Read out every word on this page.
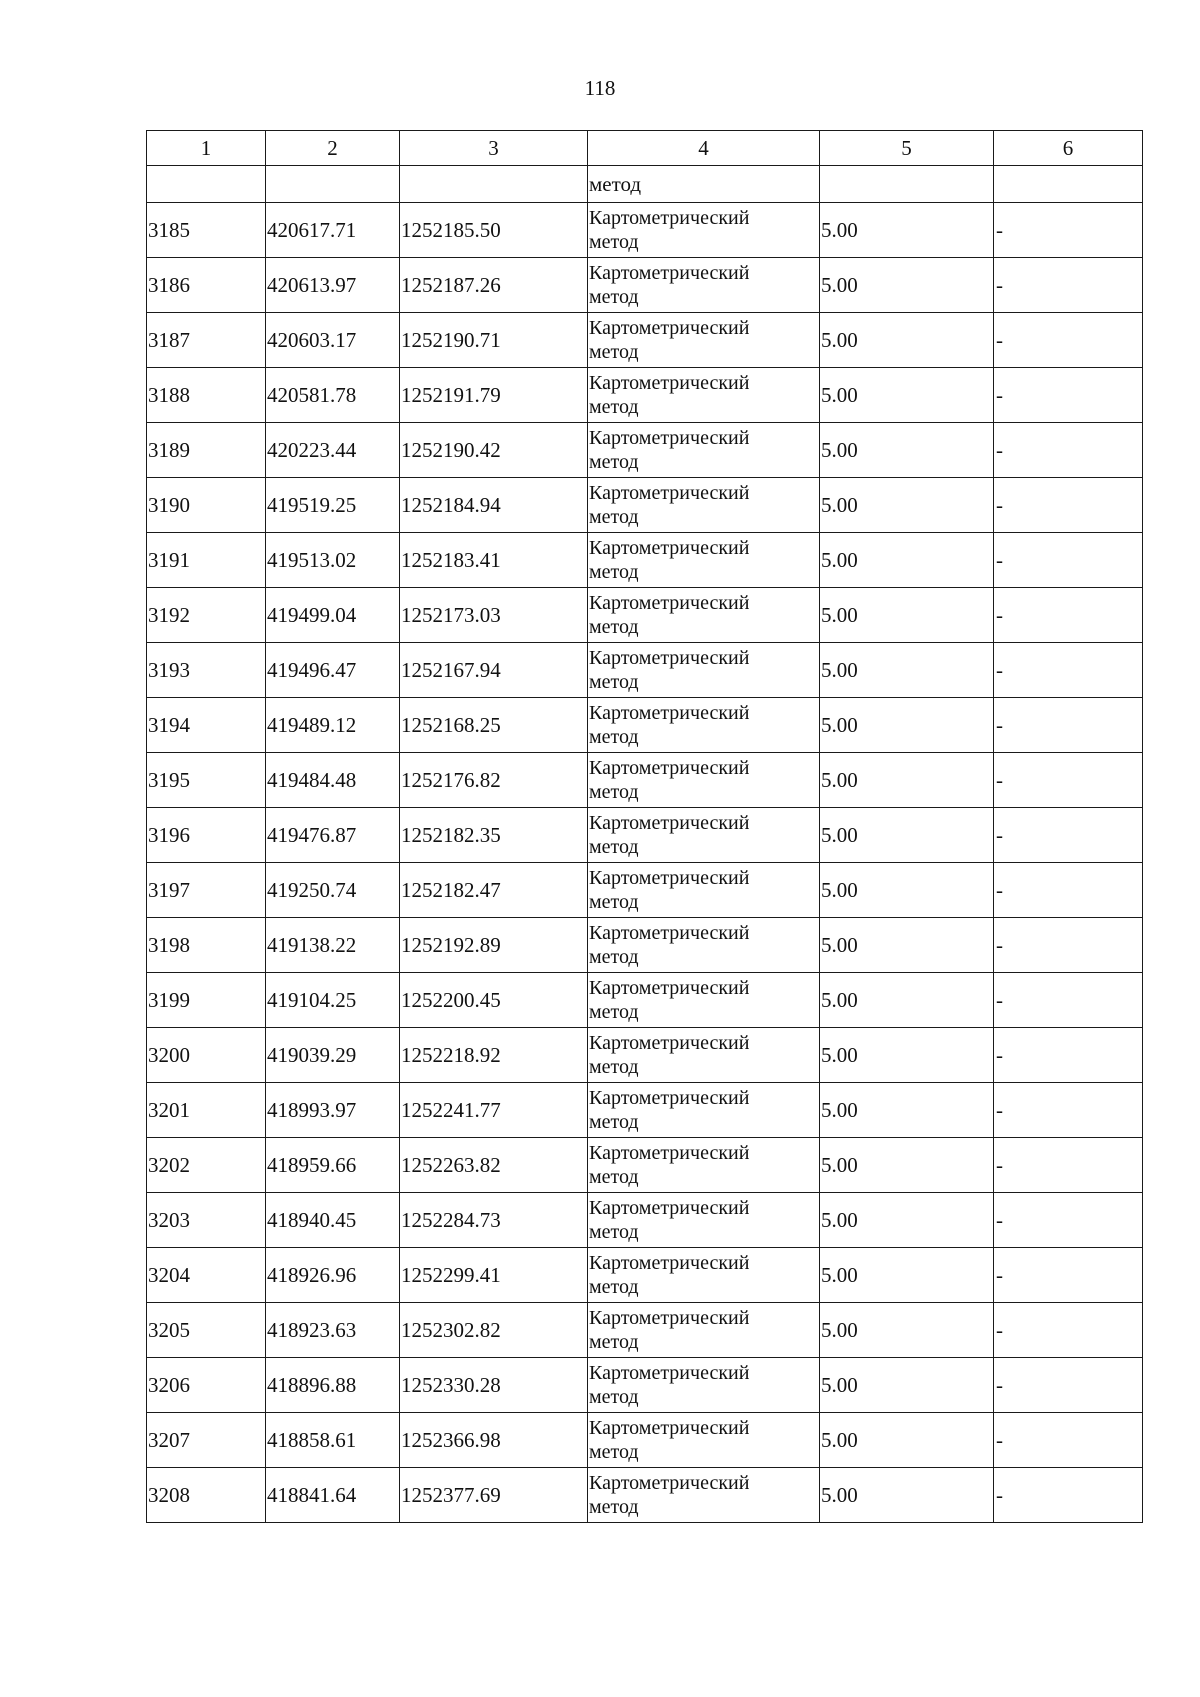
118
1	2	3	4	5	6
			метод		
3185	420617.71	1252185.50	Картометрический
метод	5.00	-
3186	420613.97	1252187.26	Картометрический
метод	5.00	-
3187	420603.17	1252190.71	Картометрический
метод	5.00	-
3188	420581.78	1252191.79	Картометрический
метод	5.00	-
3189	420223.44	1252190.42	Картометрический
метод	5.00	-
3190	419519.25	1252184.94	Картометрический
метод	5.00	-
3191	419513.02	1252183.41	Картометрический
метод	5.00	-
3192	419499.04	1252173.03	Картометрический
метод	5.00	-
3193	419496.47	1252167.94	Картометрический
метод	5.00	-
3194	419489.12	1252168.25	Картометрический
метод	5.00	-
3195	419484.48	1252176.82	Картометрический
метод	5.00	-
3196	419476.87	1252182.35	Картометрический
метод	5.00	-
3197	419250.74	1252182.47	Картометрический
метод	5.00	-
3198	419138.22	1252192.89	Картометрический
метод	5.00	-
3199	419104.25	1252200.45	Картометрический
метод	5.00	-
3200	419039.29	1252218.92	Картометрический
метод	5.00	-
3201	418993.97	1252241.77	Картометрический
метод	5.00	-
3202	418959.66	1252263.82	Картометрический
метод	5.00	-
3203	418940.45	1252284.73	Картометрический
метод	5.00	-
3204	418926.96	1252299.41	Картометрический
метод	5.00	-
3205	418923.63	1252302.82	Картометрический
метод	5.00	-
3206	418896.88	1252330.28	Картометрический
метод	5.00	-
3207	418858.61	1252366.98	Картометрический
метод	5.00	-
3208	418841.64	1252377.69	Картометрический
метод	5.00	-
